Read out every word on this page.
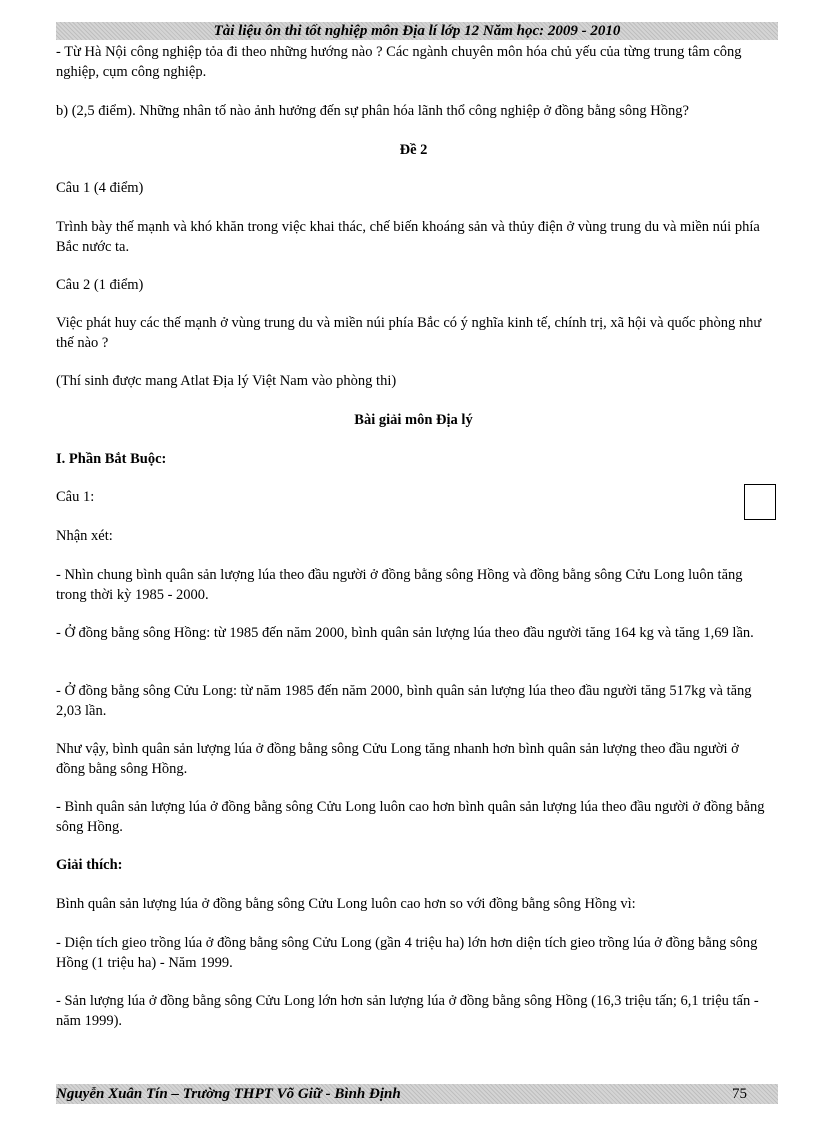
Tài liệu ôn thi tốt nghiệp môn Địa lí lớp 12 Năm học: 2009 - 2010

- Từ Hà Nội công nghiệp tỏa đi theo những hướng nào ? Các ngành chuyên môn hóa chủ yếu của từng trung tâm công nghiệp, cụm công nghiệp.

b) (2,5 điểm). Những nhân tố nào ảnh hưởng đến sự phân hóa lãnh thổ công nghiệp ở đồng bằng sông Hồng?

Đề 2

Câu 1 (4 điểm)

Trình bày thế mạnh và khó khăn trong việc khai thác, chế biến khoáng sản và thủy điện ở vùng trung du và miền núi phía Bắc nước ta.

Câu 2 (1 điểm)

Việc phát huy các thế mạnh ở vùng trung du và miền núi phía Bắc có ý nghĩa kinh tế, chính trị, xã hội và quốc phòng như thế nào ?

(Thí sinh được mang Atlat Địa lý Việt Nam vào phòng thi)

Bài giải môn Địa lý

I. Phần Bắt Buộc:

Câu 1:

Nhận xét:

- Nhìn chung bình quân sản lượng lúa theo đầu người ở đồng bằng sông Hồng và đồng bằng sông Cửu Long luôn tăng trong thời kỳ 1985 - 2000.

- Ở đồng bằng sông Hồng: từ 1985 đến năm 2000, bình quân sản lượng lúa theo đầu người tăng 164 kg và tăng 1,69 lần.

- Ở đồng bằng sông Cửu Long: từ năm 1985 đến năm 2000, bình quân sản lượng lúa theo đầu người tăng 517kg và tăng 2,03 lần.

Như vậy, bình quân sản lượng lúa ở đồng bằng sông Cửu Long tăng nhanh hơn bình quân sản lượng theo đầu người ở đồng bằng sông Hồng.

- Bình quân sản lượng lúa ở đồng bằng sông Cửu Long luôn cao hơn bình quân sản lượng lúa theo đầu người ở đồng bằng sông Hồng.

Giải thích:

Bình quân sản lượng lúa ở đồng bằng sông Cửu Long luôn cao hơn so với đồng bằng sông Hồng vì:

- Diện tích gieo trồng lúa ở đồng bằng sông Cửu Long (gần 4 triệu ha) lớn hơn diện tích gieo trồng lúa ở đồng bằng sông Hồng (1 triệu ha) - Năm 1999.

- Sản lượng lúa ở đồng bằng sông Cửu Long lớn hơn sản lượng lúa ở đồng bằng sông Hồng (16,3 triệu tấn; 6,1 triệu tấn - năm 1999).

Nguyễn Xuân Tín – Trường THPT Võ Giữ - Bình Định	75
